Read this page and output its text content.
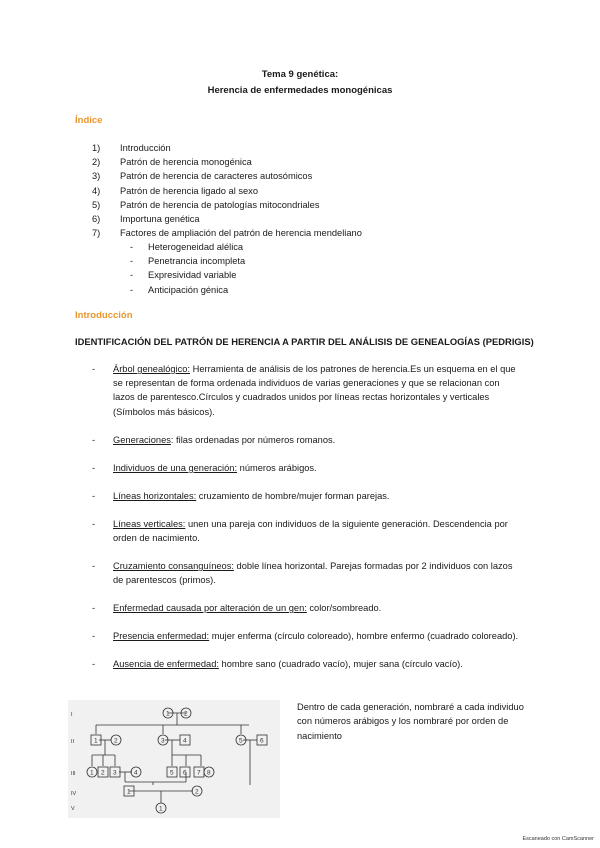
Tema 9 genética:
Herencia de enfermedades monogénicas
Índice
1) Introducción
2) Patrón de herencia monogénica
3) Patrón de herencia de caracteres autosómicos
4) Patrón de herencia ligado al sexo
5) Patrón de herencia de patologías mitocondriales
6) Importuna genética
7) Factores de ampliación del patrón de herencia mendeliano
- Heterogeneidad alélica
- Penetrancia incompleta
- Expresividad variable
- Anticipación génica
Introducción
IDENTIFICACIÓN DEL PATRÓN DE HERENCIA A PARTIR DEL ANÁLISIS DE GENEALOGÍAS (PEDRIGIS)
- Árbol genealógico: Herramienta de análisis de los patrones de herencia.Es un esquema en el que se representan de forma ordenada individuos de varias generaciones y que se relacionan con lazos de parentesco.Círculos y cuadrados unidos por líneas rectas horizontales y verticales (Símbolos más básicos).
- Generaciones: filas ordenadas por números romanos.
- Individuos de una generación: números arábigos.
- Líneas horizontales: cruzamiento de hombre/mujer forman parejas.
- Líneas verticales: unen una pareja con individuos de la siguiente generación. Descendencia por orden de nacimiento.
- Cruzamiento consanguíneos: doble línea horizontal. Parejas formadas por 2 individuos con lazos de parentescos (primos).
- Enfermedad causada por alteración de un gen: color/sombreado.
- Presencia enfermedad: mujer enferma (círculo coloreado), hombre enfermo (cuadrado coloreado).
- Ausencia de enfermedad: hombre sano (cuadrado vacío), mujer sana (círculo vacío).
I
II
III
IV
V
1 2
1	2	3	4	5	6
1 2 3	4	5 6 7 8
1	2
1
Dentro de cada generación, nombraré a cada individuo con números arábigos y los nombraré por orden de nacimiento
Escaneado con CamScanner
